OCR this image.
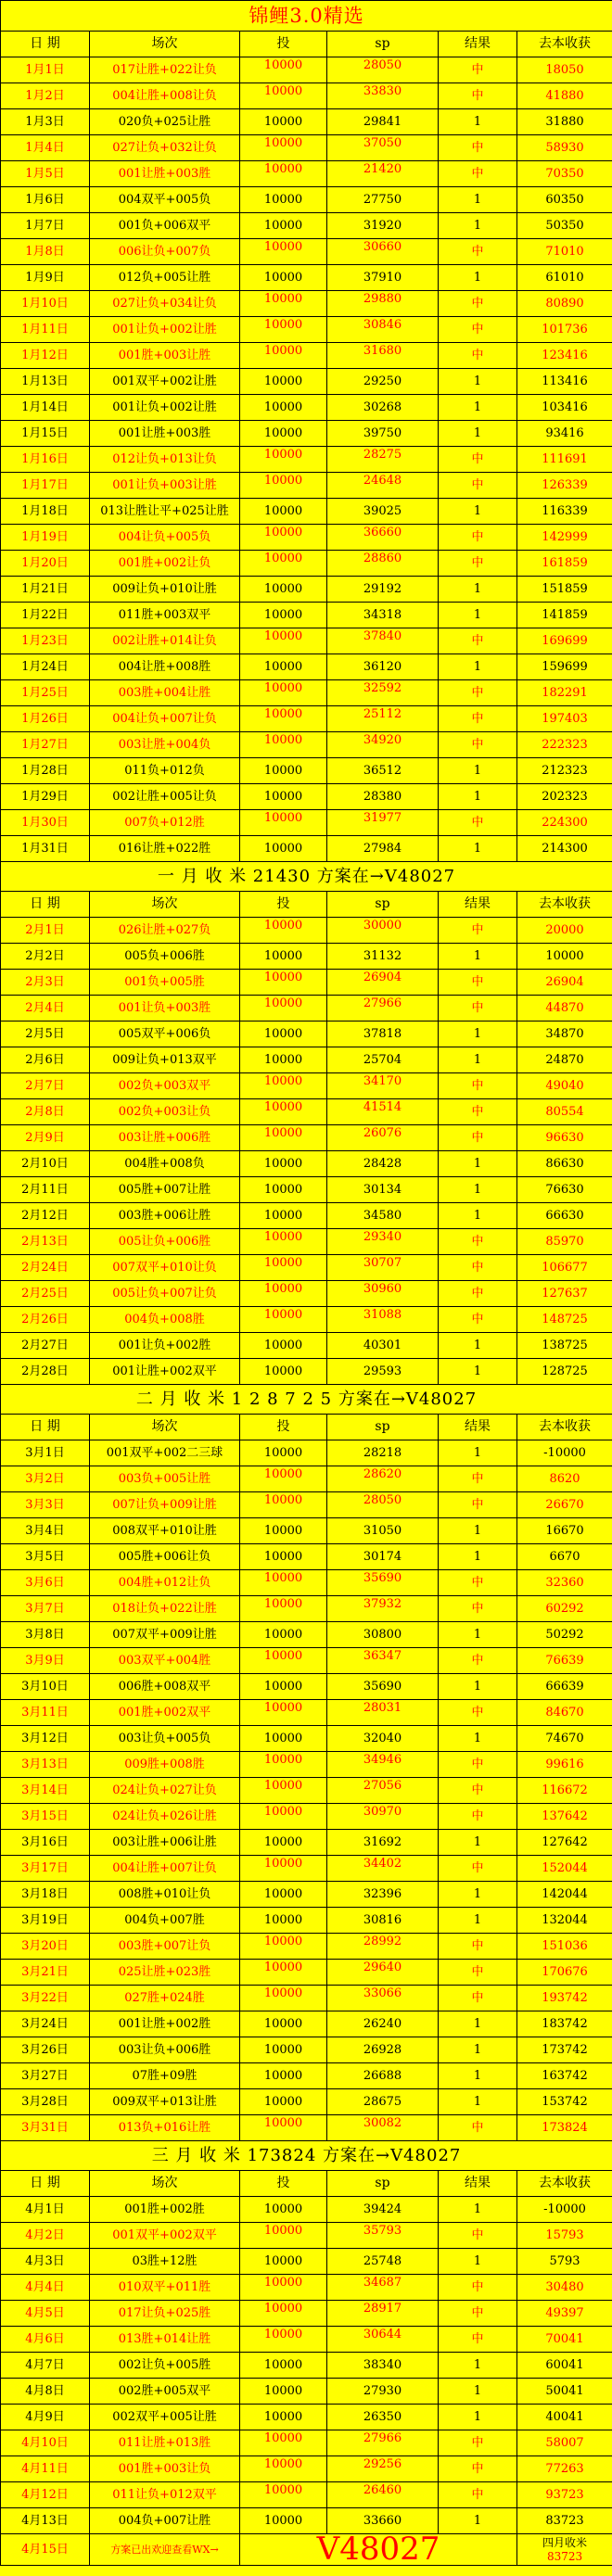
锦鲤3.0精选					
日 期	场次	投	sp	结果	去本收获
1月1日	017让胜+022让负	10000	28050	中	18050
1月2日	004让胜+008让负	10000	33830	中	41880
1月3日	020负+025让胜	10000	29841	1	31880
1月4日	027让负+032让负	10000	37050	中	58930
1月5日	001让胜+003胜	10000	21420	中	70350
1月6日	004双平+005负	10000	27750	1	60350
1月7日	001负+006双平	10000	31920	1	50350
1月8日	006让负+007负	10000	30660	中	71010
1月9日	012负+005让胜	10000	37910	1	61010
1月10日	027让负+034让负	10000	29880	中	80890
1月11日	001让负+002让胜	10000	30846	中	101736
1月12日	001胜+003让胜	10000	31680	中	123416
1月13日	001双平+002让胜	10000	29250	1	113416
1月14日	001让负+002让胜	10000	30268	1	103416
1月15日	001让胜+003胜	10000	39750	1	93416
1月16日	012让负+013让负	10000	28275	中	111691
1月17日	001让负+003让胜	10000	24648	中	126339
1月18日	013让胜让平+025让胜	10000	39025	1	116339
1月19日	004让负+005负	10000	36660	中	142999
1月20日	001胜+002让负	10000	28860	中	161859
1月21日	009让负+010让胜	10000	29192	1	151859
1月22日	011胜+003双平	10000	34318	1	141859
1月23日	002让胜+014让负	10000	37840	中	169699
1月24日	004让胜+008胜	10000	36120	1	159699
1月25日	003胜+004让胜	10000	32592	中	182291
1月26日	004让负+007让负	10000	25112	中	197403
1月27日	003让胜+004负	10000	34920	中	222323
1月28日	011负+012负	10000	36512	1	212323
1月29日	002让胜+005让负	10000	28380	1	202323
1月30日	007负+012胜	10000	31977	中	224300
1月31日	016让胜+022胜	10000	27984	1	214300
一 月 收 米 21430 方案在→V48027					
日 期	场次	投	sp	结果	去本收获
2月1日	026让胜+027负	10000	30000	中	20000
2月2日	005负+006胜	10000	31132	1	10000
2月3日	001负+005胜	10000	26904	中	26904
2月4日	001让负+003胜	10000	27966	中	44870
2月5日	005双平+006负	10000	37818	1	34870
2月6日	009让负+013双平	10000	25704	1	24870
2月7日	002负+003双平	10000	34170	中	49040
2月8日	002负+003让负	10000	41514	中	80554
2月9日	003让胜+006胜	10000	26076	中	96630
2月10日	004胜+008负	10000	28428	1	86630
2月11日	005胜+007让胜	10000	30134	1	76630
2月12日	003胜+006让胜	10000	34580	1	66630
2月13日	005让负+006胜	10000	29340	中	85970
2月24日	007双平+010让负	10000	30707	中	106677
2月25日	005让负+007让负	10000	30960	中	127637
2月26日	004负+008胜	10000	31088	中	148725
2月27日	001让负+002胜	10000	40301	1	138725
2月28日	001让胜+002双平	10000	29593	1	128725
二 月 收 米 1 2 8 7 2 5 方案在→V48027					
日 期	场次	投	sp	结果	去本收获
3月1日	001双平+002二三球	10000	28218	1	-10000
3月2日	003负+005让胜	10000	28620	中	8620
3月3日	007让负+009让胜	10000	28050	中	26670
3月4日	008双平+010让胜	10000	31050	1	16670
3月5日	005胜+006让负	10000	30174	1	6670
3月6日	004胜+012让负	10000	35690	中	32360
3月7日	018让负+022让胜	10000	37932	中	60292
3月8日	007双平+009让胜	10000	30800	1	50292
3月9日	003双平+004胜	10000	36347	中	76639
3月10日	006胜+008双平	10000	35690	1	66639
3月11日	001胜+002双平	10000	28031	中	84670
3月12日	003让负+005负	10000	32040	1	74670
3月13日	009胜+008胜	10000	34946	中	99616
3月14日	024让负+027让负	10000	27056	中	116672
3月15日	024让负+026让胜	10000	30970	中	137642
3月16日	003让胜+006让胜	10000	31692	1	127642
3月17日	004让胜+007让负	10000	34402	中	152044
3月18日	008胜+010让负	10000	32396	1	142044
3月19日	004负+007胜	10000	30816	1	132044
3月20日	003胜+007让负	10000	28992	中	151036
3月21日	025让胜+023胜	10000	29640	中	170676
3月22日	027胜+024胜	10000	33066	中	193742
3月24日	001让胜+002胜	10000	26240	1	183742
3月26日	003让负+006胜	10000	26928	1	173742
3月27日	07胜+09胜	10000	26688	1	163742
3月28日	009双平+013让胜	10000	28675	1	153742
3月31日	013负+016让胜	10000	30082	中	173824
三 月 收 米 173824 方案在→V48027					
日 期	场次	投	sp	结果	去本收获
4月1日	001胜+002胜	10000	39424	1	-10000
4月2日	001双平+002双平	10000	35793	中	15793
4月3日	03胜+12胜	10000	25748	1	5793
4月4日	010双平+011胜	10000	34687	中	30480
4月5日	017让负+025胜	10000	28917	中	49397
4月6日	013胜+014让胜	10000	30644	中	70041
4月7日	002让负+005胜	10000	38340	1	60041
4月8日	002胜+005双平	10000	27930	1	50041
4月9日	002双平+005让胜	10000	26350	1	40041
4月10日	011让胜+013胜	10000	27966	中	58007
4月11日	001胜+003让负	10000	29256	中	77263
4月12日	011让负+012双平	10000	26460	中	93723
4月13日	004负+007让胜	10000	33660	1	83723
4月15日	方案已出欢迎查看WX→	V48027			四月收米
83723
